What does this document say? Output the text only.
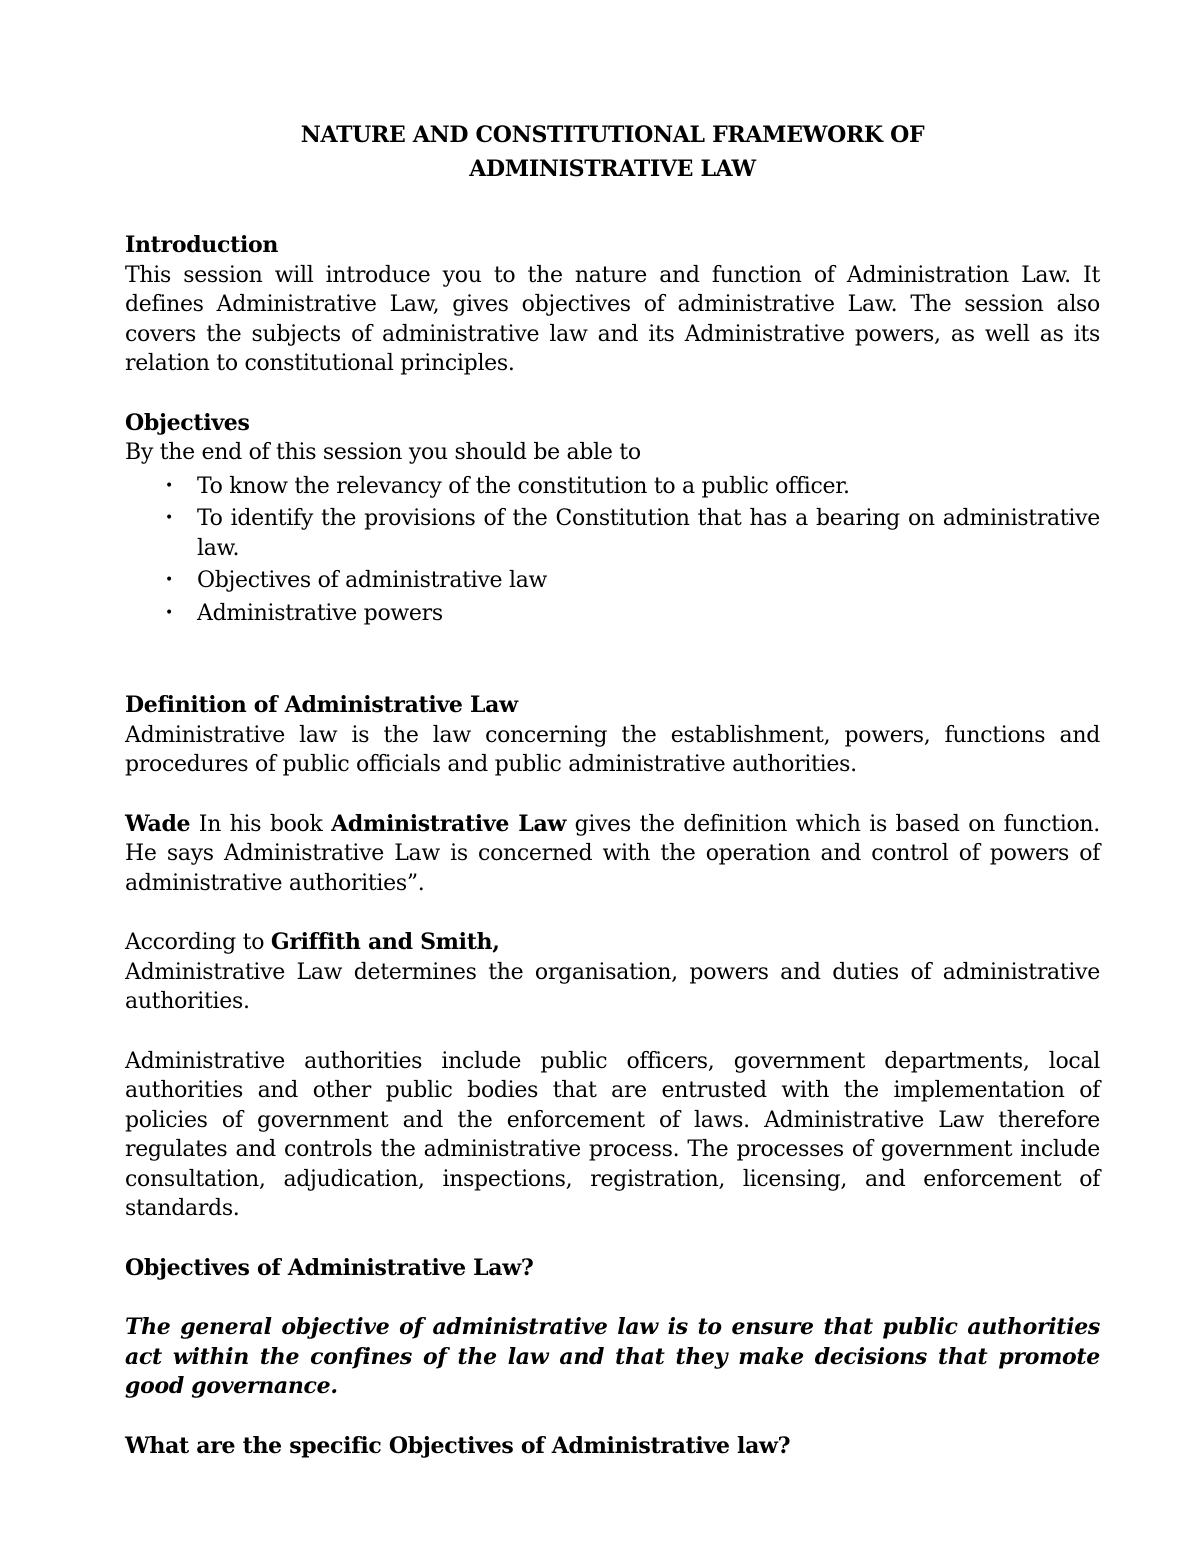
NATURE AND CONSTITUTIONAL FRAMEWORK OF
ADMINISTRATIVE LAW
Introduction

This session will introduce you to the nature and function of Administration Law. It defines Administrative Law, gives objectives of administrative Law. The session also covers the subjects of administrative law and its Administrative powers, as well as its relation to constitutional principles.

Objectives

By the end of this session you should be able to

• To know the relevancy of the constitution to a public officer.
• To identify the provisions of the Constitution that has a bearing on administrative law.
• Objectives of administrative law
• Administrative powers
Definition of Administrative Law

Administrative law is the law concerning the establishment, powers, functions and procedures of public officials and public administrative authorities.

Wade In his book Administrative Law gives the definition which is based on function. He says Administrative Law is concerned with the operation and control of powers of administrative authorities”.

According to Griffith and Smith,

Administrative Law determines the organisation, powers and duties of administrative authorities.

Administrative authorities include public officers, government departments, local authorities and other public bodies that are entrusted with the implementation of policies of government and the enforcement of laws. Administrative Law therefore regulates and controls the administrative process. The processes of government include consultation, adjudication, inspections, registration, licensing, and enforcement of standards.

Objectives of Administrative Law?

The general objective of administrative law is to ensure that public authorities act within the confines of the law and that they make decisions that promote good governance.

What are the specific Objectives of Administrative law?
